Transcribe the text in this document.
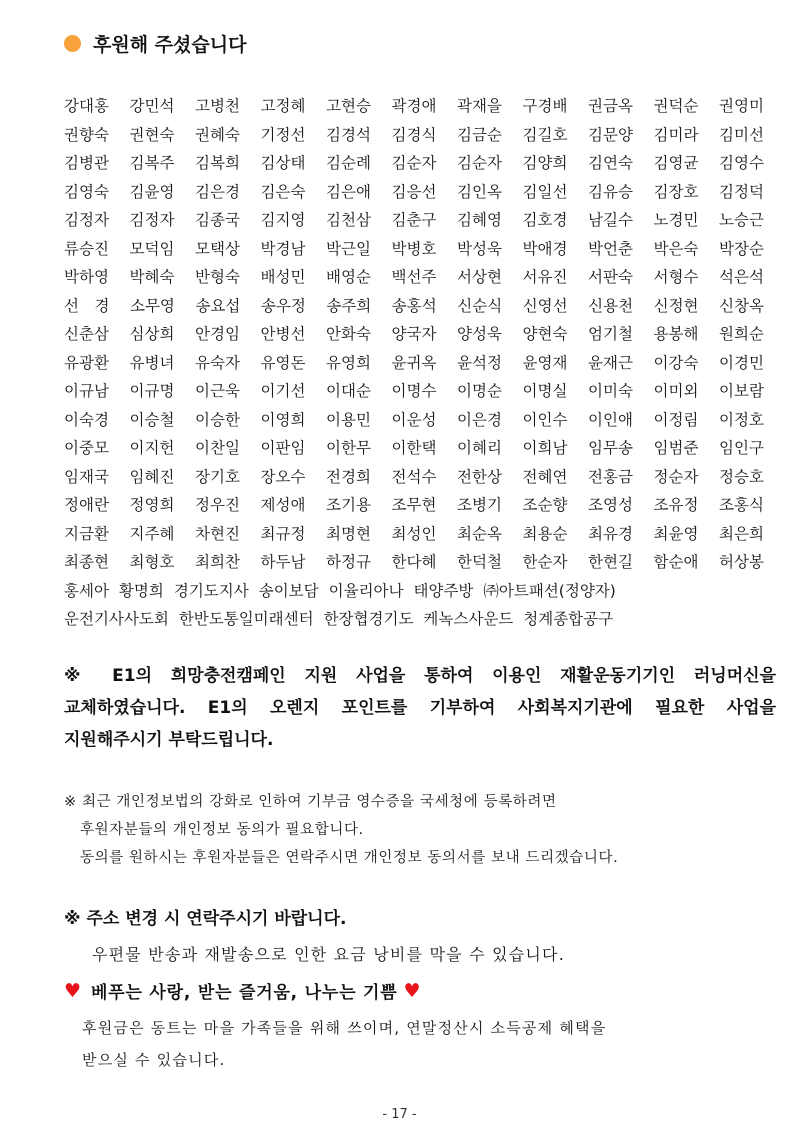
후원해 주셨습니다
강대홍 강민석 고병천 고정혜 고현승 곽경애 곽재을 구경배 권금옥 권덕순 권영미
권향숙 권현숙 권혜숙 기정선 김경석 김경식 김금순 김길호 김문양 김미라 김미선
김병관 김복주 김복희 김상태 김순례 김순자 김순자 김양희 김연숙 김영균 김영수
김영숙 김윤영 김은경 김은숙 김은애 김응선 김인옥 김일선 김유승 김장호 김정덕
김정자 김정자 김종국 김지영 김천삼 김춘구 김혜영 김호경 남길수 노경민 노승근
류승진 모덕임 모택상 박경남 박근일 박병호 박성욱 박애경 박언춘 박은숙 박장순
박하영 박혜숙 반형숙 배성민 배영순 백선주 서상현 서유진 서판숙 서형수 석은석
선　경 소무영 송요섭 송우정 송주희 송홍석 신순식 신영선 신용천 신정현 신창옥
신춘삼 심상희 안경임 안병선 안화숙 양국자 양성욱 양현숙 엄기철 용봉해 원희순
유광환 유병녀 유숙자 유영돈 유영희 윤귀옥 윤석정 윤영재 윤재근 이강숙 이경민
이규남 이규명 이근욱 이기선 이대순 이명수 이명순 이명실 이미숙 이미외 이보람
이숙경 이승철 이승한 이영희 이용민 이운성 이은경 이인수 이인애 이정림 이정호
이중모 이지헌 이찬일 이판임 이한무 이한택 이혜리 이희남 임무송 임범준 임인구
임재국 임혜진 장기호 장오수 전경희 전석수 전한상 전혜연 전홍금 정순자 정승호
정애란 정영희 정우진 제성애 조기용 조무현 조병기 조순향 조영성 조유정 조홍식
지금환 지주혜 차현진 최규정 최명현 최성인 최순옥 최용순 최유경 최윤영 최은희
최종현 최형호 최희찬 하두남 하정규 한다혜 한덕철 한순자 한현길 함순애 허상봉
홍세아 황명희 경기도지사 송이보담 이율리아나 태양주방 ㈜아트패션(정양자)
운전기사사도회 한반도통일미래센터 한장협경기도 케녹스사운드 청계종합공구
※ E1의 희망충전캠페인 지원 사업을 통하여 이용인 재활운동기기인 러닝머신을
교체하였습니다. E1의 오렌지 포인트를 기부하여 사회복지기관에 필요한 사업을
지원해주시기 부탁드립니다.
※ 최근 개인정보법의 강화로 인하여 기부금 영수증을 국세청에 등록하려면
후원자분들의 개인정보 동의가 필요합니다.
동의를 원하시는 후원자분들은 연락주시면 개인정보 동의서를 보내 드리겠습니다.
※ 주소 변경 시 연락주시기 바랍니다.
우편물 반송과 재발송으로 인한 요금 낭비를 막을 수 있습니다.
♥ 베푸는 사랑, 받는 즐거움, 나누는 기쁨 ♥
후원금은 동트는 마을 가족들을 위해 쓰이며, 연말정산시 소득공제 혜택을
받으실 수 있습니다.
- 17 -
